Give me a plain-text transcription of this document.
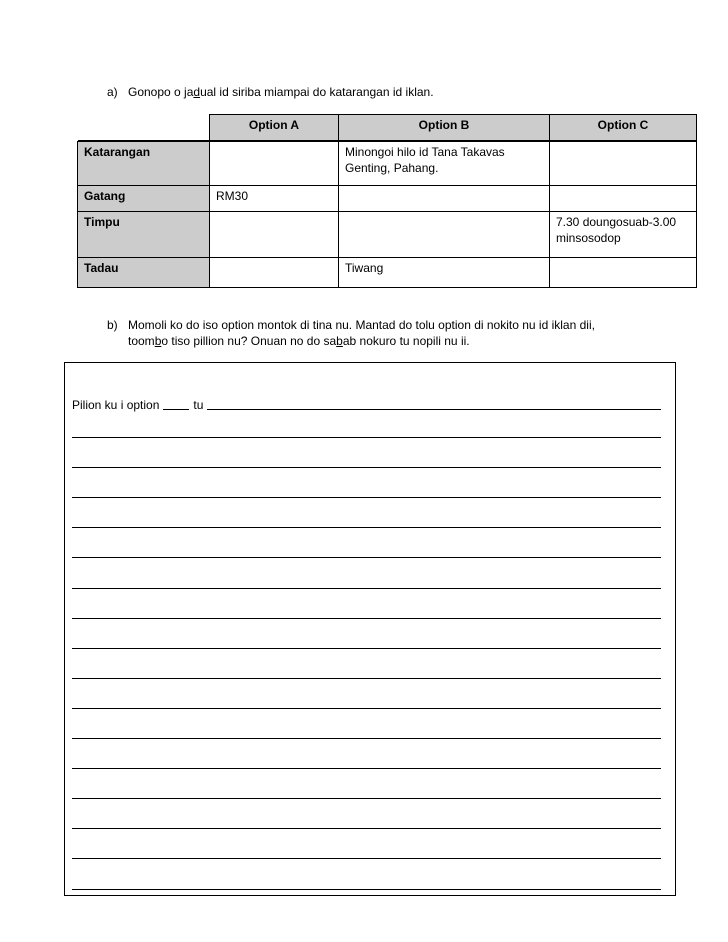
a) Gonopo o jadual id siriba miampai do katarangan id iklan.
	Option A	Option B	Option C

Katarangan		Minongoi hilo id Tana Takavas Genting, Pahang.	
Gatang	RM30		
Timpu			7.30 doungosuab-3.00 minsosodop
Tadau		Tiwang	
b) Momoli ko do iso option montok di tina nu. Mantad do tolu option di nokito nu id iklan dii,
toombo tiso pillion nu? Onuan no do sabab nokuro tu nopili nu ii.
Pilion ku i option	tu
